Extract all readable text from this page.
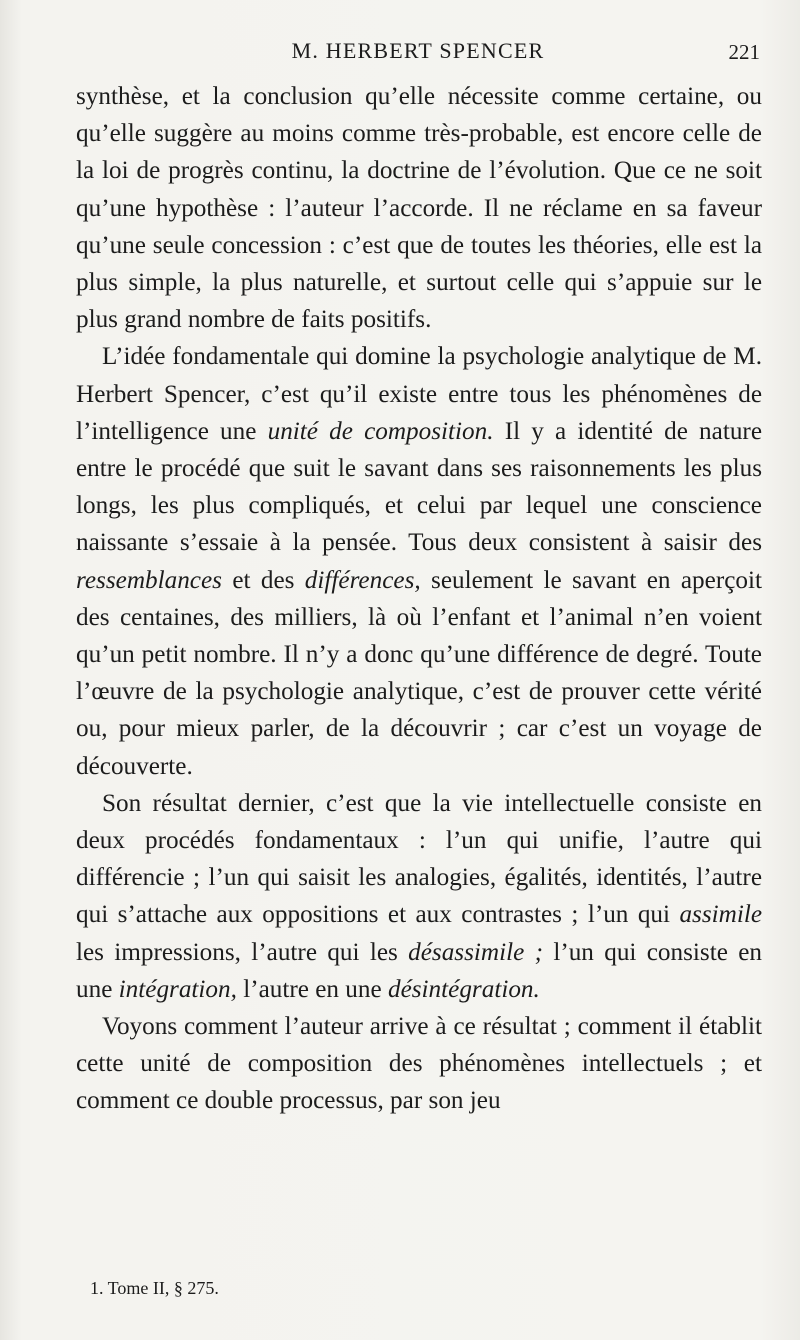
M. HERBERT SPENCER	221

synthèse, et la conclusion qu’elle nécessite comme certaine, ou qu’elle suggère au moins comme très-probable, est encore celle de la loi de progrès continu, la doctrine de l’évolution. Que ce ne soit qu’une hypothèse : l’auteur l’accorde. Il ne réclame en sa faveur qu’une seule concession : c’est que de toutes les théories, elle est la plus simple, la plus naturelle, et surtout celle qui s’appuie sur le plus grand nombre de faits positifs.

L’idée fondamentale qui domine la psychologie analytique de M. Herbert Spencer, c’est qu’il existe entre tous les phénomènes de l’intelligence une unité de composition. Il y a identité de nature entre le procédé que suit le savant dans ses raisonnements les plus longs, les plus compliqués, et celui par lequel une conscience naissante s’essaie à la pensée. Tous deux consistent à saisir des ressemblances et des différences, seulement le savant en aperçoit des centaines, des milliers, là où l’enfant et l’animal n’en voient qu’un petit nombre. Il n’y a donc qu’une différence de degré. Toute l’œuvre de la psychologie analytique, c’est de prouver cette vérité ou, pour mieux parler, de la découvrir ; car c’est un voyage de découverte.

Son résultat dernier, c’est que la vie intellectuelle consiste en deux procédés fondamentaux : l’un qui unifie, l’autre qui différencie ; l’un qui saisit les analogies, égalités, identités, l’autre qui s’attache aux oppositions et aux contrastes ; l’un qui assimile les impressions, l’autre qui les désassimile ; l’un qui consiste en une intégration, l’autre en une désintégration.

Voyons comment l’auteur arrive à ce résultat ; comment il établit cette unité de composition des phénomènes intellectuels ; et comment ce double processus, par son jeu

1. Tome II, § 275.
